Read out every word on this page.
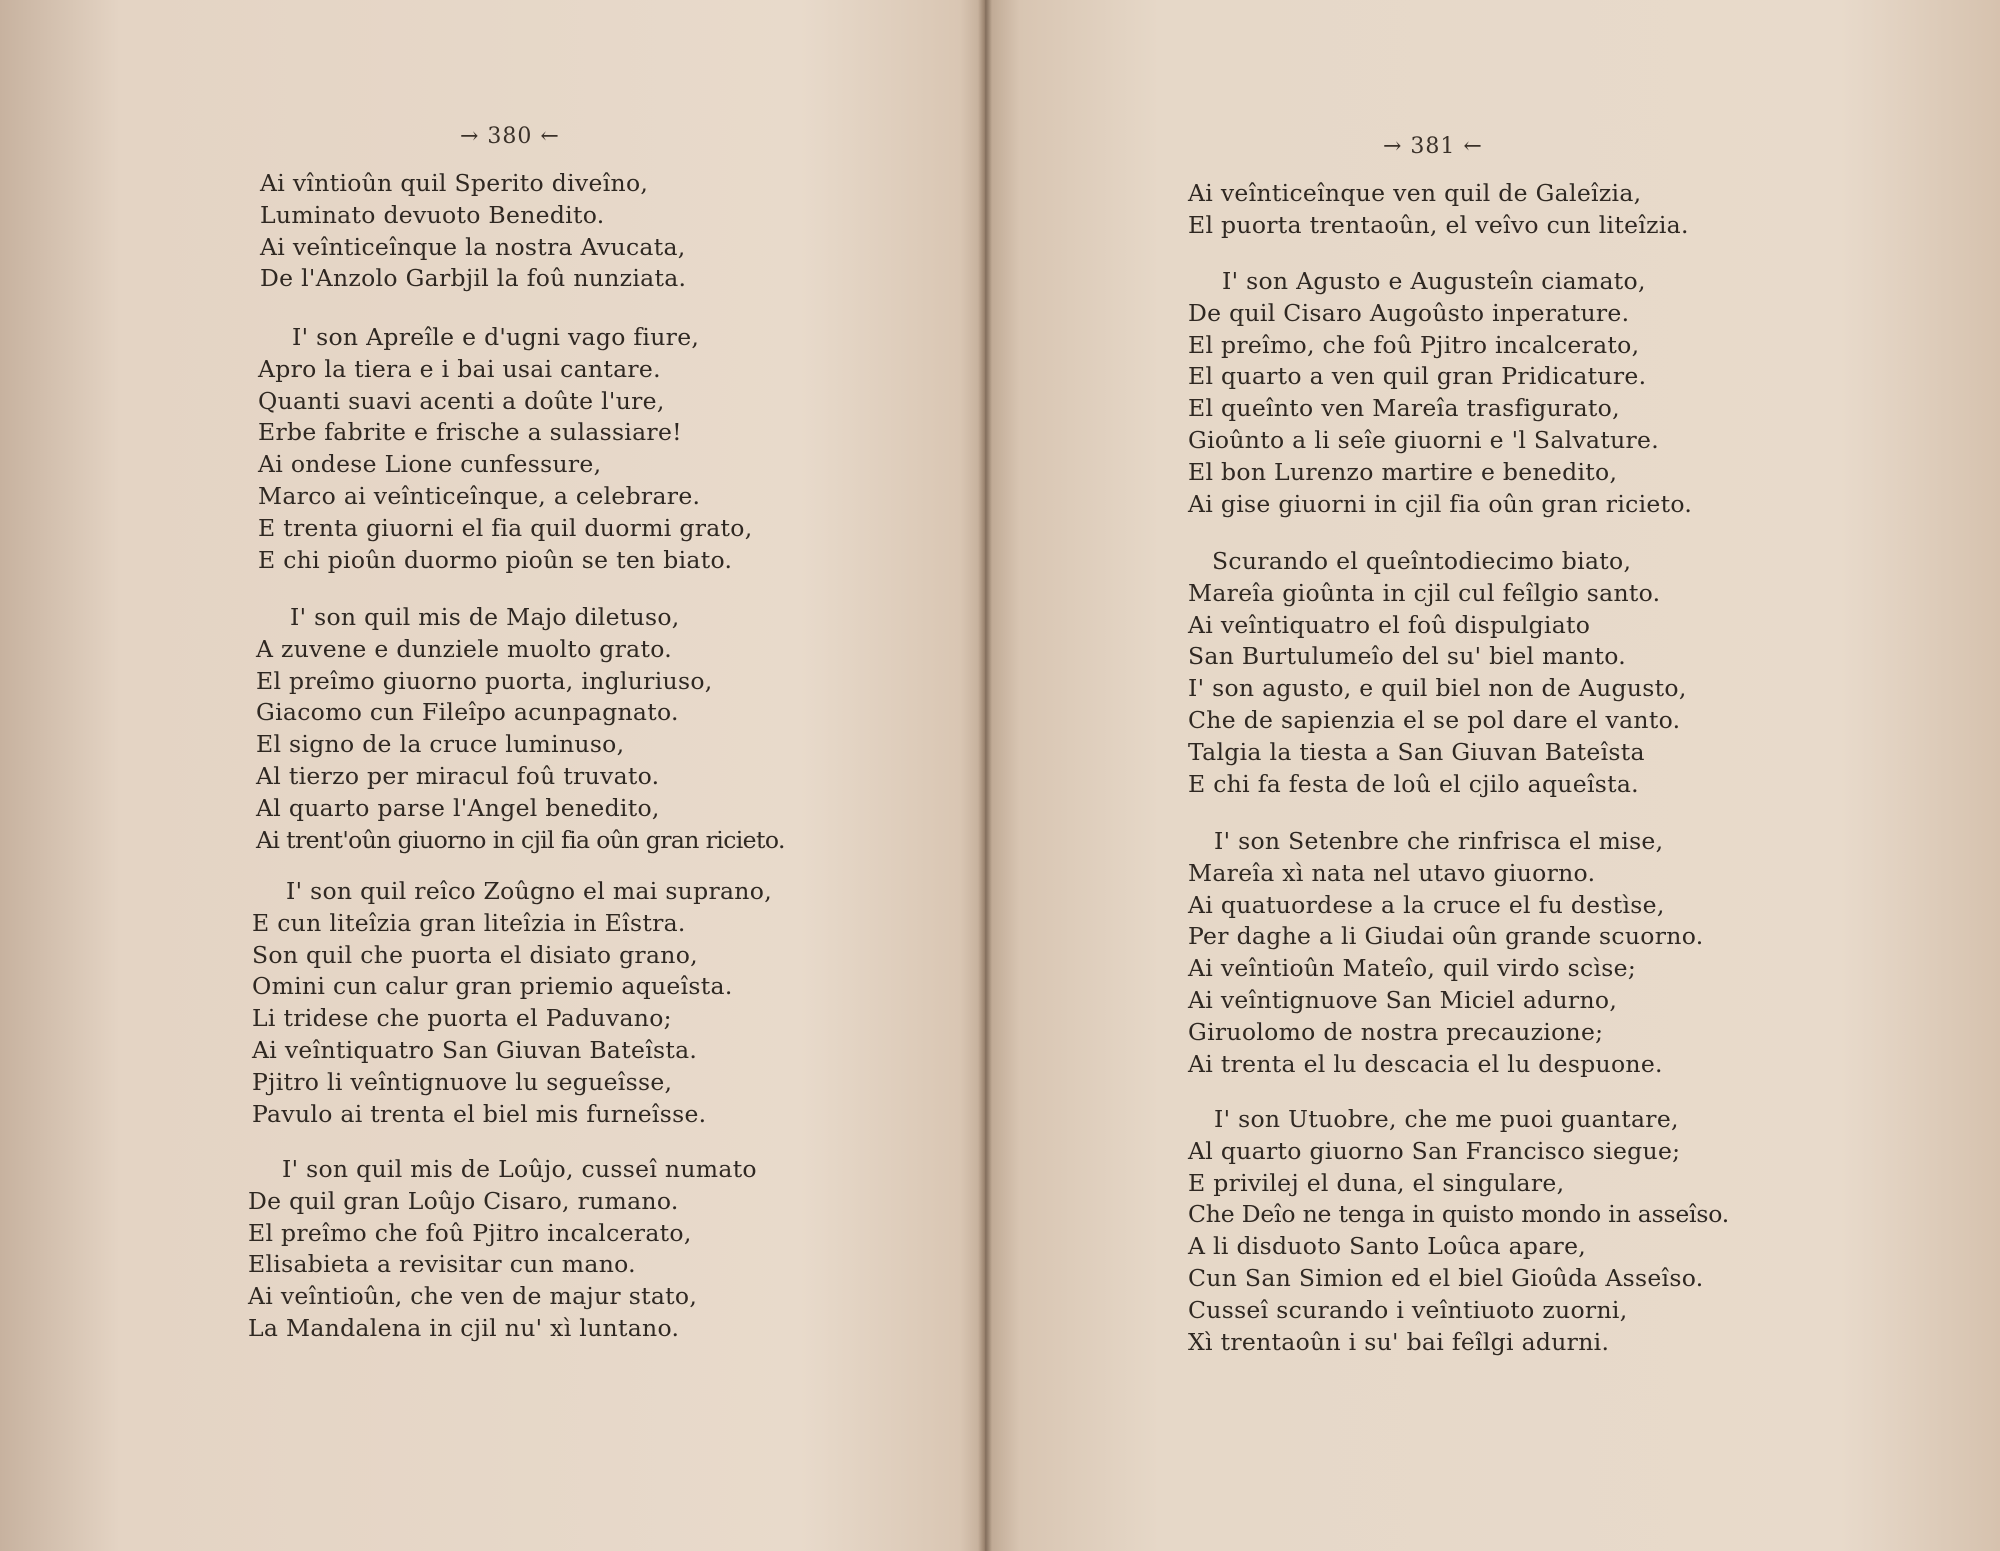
→ 380 ←
Ai vîntioûn quil Sperito diveîno,
Luminato devuoto Benedito.
Ai veînticeînque la nostra Avucata,
De l'Anzolo Garbjil la foû nunziata.
I' son Apreîle e d'ugni vago fiure,
Apro la tiera e i bai usai cantare.
Quanti suavi acenti a doûte l'ure,
Erbe fabrite e frische a sulassiare!
Ai ondese Lione cunfessure,
Marco ai veînticeînque, a celebrare.
E trenta giuorni el fia quil duormi grato,
E chi pioûn duormo pioûn se ten biato.
I' son quil mis de Majo diletuso,
A zuvene e dunziele muolto grato.
El preîmo giuorno puorta, ingluriuso,
Giacomo cun Fileîpo acunpagnato.
El signo de la cruce luminuso,
Al tierzo per miracul foû truvato.
Al quarto parse l'Angel benedito,
Ai trent'oûn giuorno in cjil fia oûn gran ricieto.
I' son quil reîco Zoûgno el mai suprano,
E cun liteîzia gran liteîzia in Eîstra.
Son quil che puorta el disiato grano,
Omini cun calur gran priemio aqueîsta.
Li tridese che puorta el Paduvano;
Ai veîntiquatro San Giuvan Bateîsta.
Pjitro li veîntignuove lu segueîsse,
Pavulo ai trenta el biel mis furneîsse.
I' son quil mis de Loûjo, cusseî numato
De quil gran Loûjo Cisaro, rumano.
El preîmo che foû Pjitro incalcerato,
Elisabieta a revisitar cun mano.
Ai veîntioûn, che ven de majur stato,
La Mandalena in cjil nu' xì luntano.
→ 381 ←
Ai veînticeînque ven quil de Galeîzia,
El puorta trentaoûn, el veîvo cun liteîzia.
I' son Agusto e Augusteîn ciamato,
De quil Cisaro Augoûsto inperature.
El preîmo, che foû Pjitro incalcerato,
El quarto a ven quil gran Pridicature.
El queînto ven Mareîa trasfigurato,
Gioûnto a li seîe giuorni e 'l Salvature.
El bon Lurenzo martire e benedito,
Ai gise giuorni in cjil fia oûn gran ricieto.
Scurando el queîntodiecimo biato,
Mareîa gioûnta in cjil cul feîlgio santo.
Ai veîntiquatro el foû dispulgiato
San Burtulumeîo del su' biel manto.
I' son agusto, e quil biel non de Augusto,
Che de sapienzia el se pol dare el vanto.
Talgia la tiesta a San Giuvan Bateîsta
E chi fa festa de loû el cjilo aqueîsta.
I' son Setenbre che rinfrisca el mise,
Mareîa xì nata nel utavo giuorno.
Ai quatuordese a la cruce el fu destìse,
Per daghe a li Giudai oûn grande scuorno.
Ai veîntioûn Mateîo, quil virdo scìse;
Ai veîntignuove San Miciel adurno,
Giruolomo de nostra precauzione;
Ai trenta el lu descacia el lu despuone.
I' son Utuobre, che me puoi guantare,
Al quarto giuorno San Francisco siegue;
E privilej el duna, el singulare,
Che Deîo ne tenga in quisto mondo in asseîso.
A li disduoto Santo Loûca apare,
Cun San Simion ed el biel Gioûda Asseîso.
Cusseî scurando i veîntiuoto zuorni,
Xì trentaoûn i su' bai feîlgi adurni.
